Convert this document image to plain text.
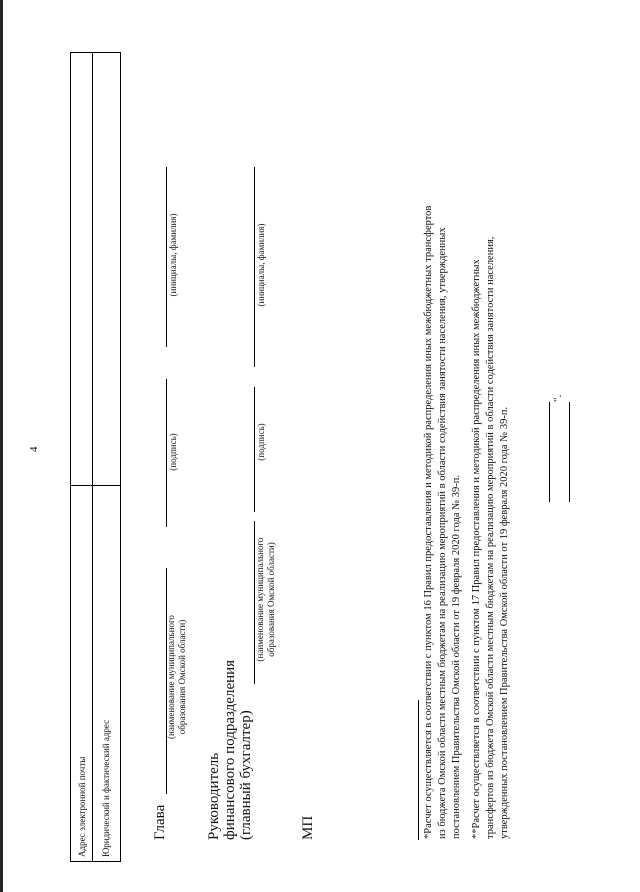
4
Адрес электронной почты Юридический и фактический адрес	Глава
(наименование муниципального образования Омской области)
(подпись)
(инициалы, фамилия)
Руководитель финансового подразделения (главный бухгалтер)
(наименование муниципального образования Омской области)
(подпись)
(инициалы, фамилия)
МП
".
*Расчет осуществляется в соответствии с пунктом 16 Правил предоставления и методикой распределения иных межбюджетных трансфертов из бюджета Омской области местным бюджетам на реализацию мероприятий в области содействия занятости населения, утвержденных постановлением Правительства Омской области от 19 февраля 2020 года № 39-п. **Расчет осуществляется в соответствии с пунктом 17 Правил предоставления и методикой распределения иных межбюджетных трансфертов из бюджета Омской области местным бюджетам на реализацию мероприятий в области содействия занятости населения, утвержденных постановлением Правительства Омской области от 19 февраля 2020 года № 39-п.
